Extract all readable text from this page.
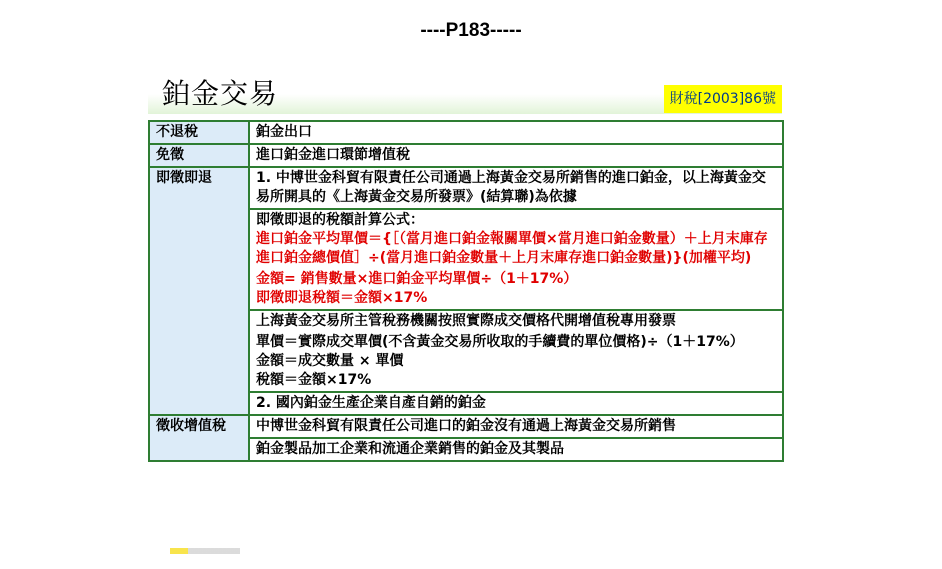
----P183-----
鉑金交易	財稅[2003]86號
不退稅	鉑金出口
免徵	進口鉑金進口環節增值稅
即徵即退	1. 中博世金科貿有限責任公司通過上海黃金交易所銷售的進口鉑金，以上海黃金交易所開具的《上海黃金交易所發票》(結算聯)為依據

	即徵即退的稅額計算公式：

進口鉑金平均單價＝{［（當月進口鉑金報關單價×當月進口鉑金數量）＋上月末庫存進口鉑金總價值］÷(當月進口鉑金數量＋上月末庫存進口鉑金數量)}(加權平均)

金額= 銷售數量×進口鉑金平均單價÷（1＋17%）

即徵即退稅額＝金額×17%

	上海黃金交易所主管稅務機關按照實際成交價格代開增值稅專用發票

單價＝實際成交單價(不含黃金交易所收取的手續費的單位價格)÷（1＋17%）

金額＝成交數量 × 單價

稅額＝金額×17%

	2. 國內鉑金生產企業自產自銷的鉑金
徵收增值稅	中博世金科貿有限責任公司進口的鉑金沒有通過上海黃金交易所銷售
	鉑金製品加工企業和流通企業銷售的鉑金及其製品
